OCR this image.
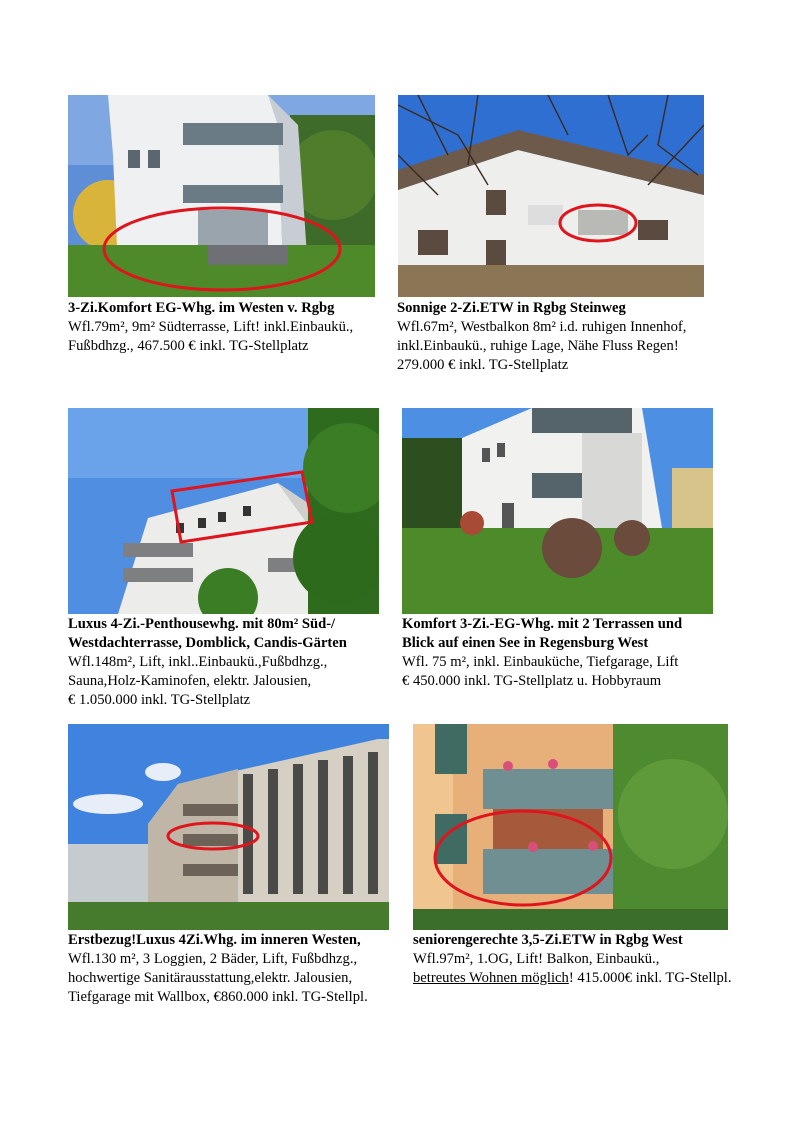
3-Zi.Komfort EG-Whg. im Westen v. Rgbg
Wfl.79m², 9m² Südterrasse, Lift! inkl.Einbaukü.,
Fußbdhzg., 467.500 € inkl. TG-Stellplatz
Sonnige 2-Zi.ETW in Rgbg Steinweg
Wfl.67m², Westbalkon 8m² i.d. ruhigen Innenhof,
inkl.Einbaukü., ruhige Lage, Nähe Fluss Regen!
279.000 € inkl. TG-Stellplatz
Luxus 4-Zi.-Penthousewhg. mit 80m² Süd-/
Westdachterrasse, Domblick, Candis-Gärten
Wfl.148m², Lift, inkl..Einbaukü.,Fußbdhzg.,
Sauna,Holz-Kaminofen, elektr. Jalousien,
€ 1.050.000 inkl. TG-Stellplatz
Komfort 3-Zi.-EG-Whg. mit 2 Terrassen und
Blick auf einen See in Regensburg West
Wfl. 75 m², inkl. Einbauküche, Tiefgarage, Lift
€ 450.000 inkl. TG-Stellplatz u. Hobbyraum
Erstbezug!Luxus 4Zi.Whg. im inneren Westen,
Wfl.130 m², 3 Loggien, 2 Bäder, Lift, Fußbdhzg.,
hochwertige Sanitärausstattung,elektr. Jalousien,
Tiefgarage mit Wallbox, €860.000 inkl. TG-Stellpl.
seniorengerechte 3,5-Zi.ETW in Rgbg West
Wfl.97m², 1.OG, Lift! Balkon, Einbaukü.,
betreutes Wohnen möglich! 415.000€ inkl. TG-Stellpl.
